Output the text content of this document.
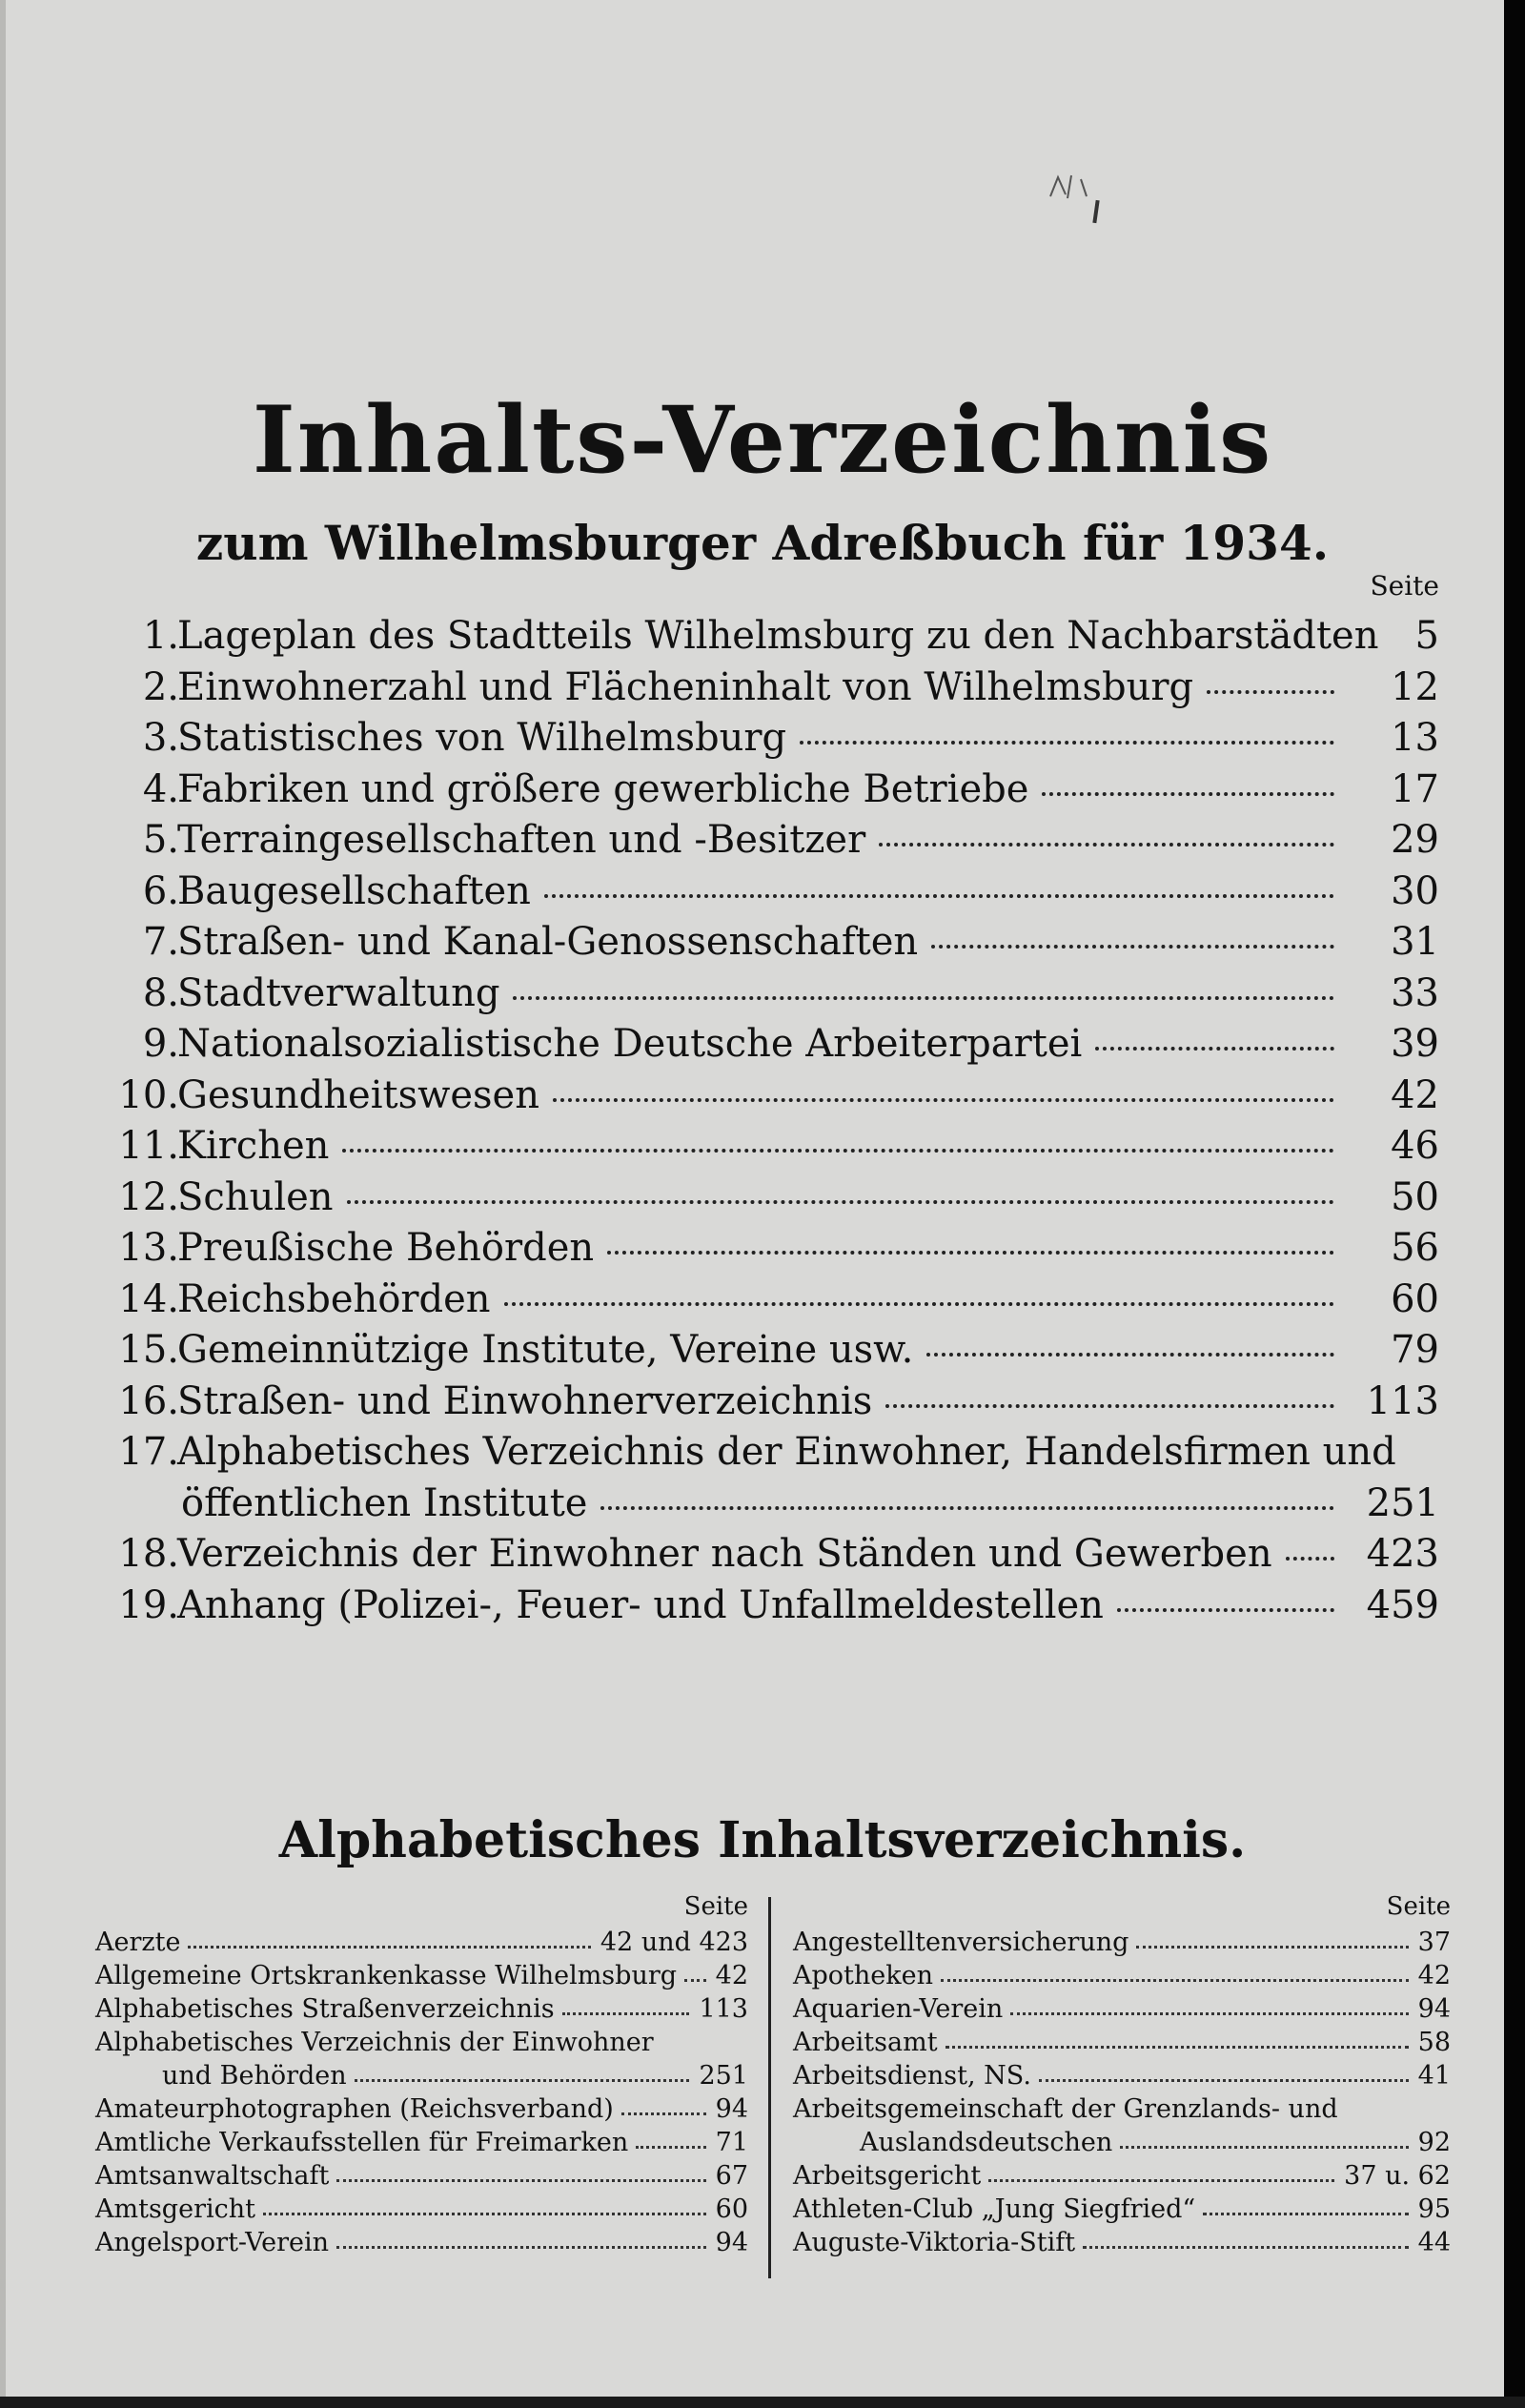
Inhalts-Verzeichnis
zum Wilhelmsburger Adreßbuch für 1934.
Seite
1.
Lageplan des Stadtteils Wilhelmsburg zu den Nachbarstädten 5
2.
Einwohnerzahl und Flächeninhalt von Wilhelmsburg	12
3.
Statistisches von Wilhelmsburg	13
4.
Fabriken und größere gewerbliche Betriebe	17
5.
Terraingesellschaften und -Besitzer	29
6.
Baugesellschaften	30
7.
Straßen- und Kanal-Genossenschaften	31
8.
Stadtverwaltung	33
9.
Nationalsozialistische Deutsche Arbeiterpartei	39
10.
Gesundheitswesen	42
11.
Kirchen	46
12.
Schulen	50
13.
Preußische Behörden	56
14.
Reichsbehörden	60
15.
Gemeinnützige Institute, Vereine usw.	79
16.
Straßen- und Einwohnerverzeichnis	113
17.
Alphabetisches Verzeichnis der Einwohner, Handelsfirmen und
öffentlichen Institute	251
18.
Verzeichnis der Einwohner nach Ständen und Gewerben	423
19.
Anhang (Polizei-, Feuer- und Unfallmeldestellen	459
Alphabetisches Inhaltsverzeichnis.
Seite
Aerzte	42 und 423
Allgemeine Ortskrankenkasse Wilhelmsburg 42
Alphabetisches Straßenverzeichnis	113
Alphabetisches Verzeichnis der Einwohner
und Behörden	251
Amateurphotographen (Reichsverband)	94
Amtliche Verkaufsstellen für Freimarken	71
Amtsanwaltschaft	67
Amtsgericht	60
Angelsport-Verein	94
Seite
Angestelltenversicherung	37
Apotheken	42
Aquarien-Verein	94
Arbeitsamt	58
Arbeitsdienst, NS.	41
Arbeitsgemeinschaft der Grenzlands- und
Auslandsdeutschen	92
Arbeitsgericht	37 u. 62
Athleten-Club „Jung Siegfried“	95
Auguste-Viktoria-Stift	44
